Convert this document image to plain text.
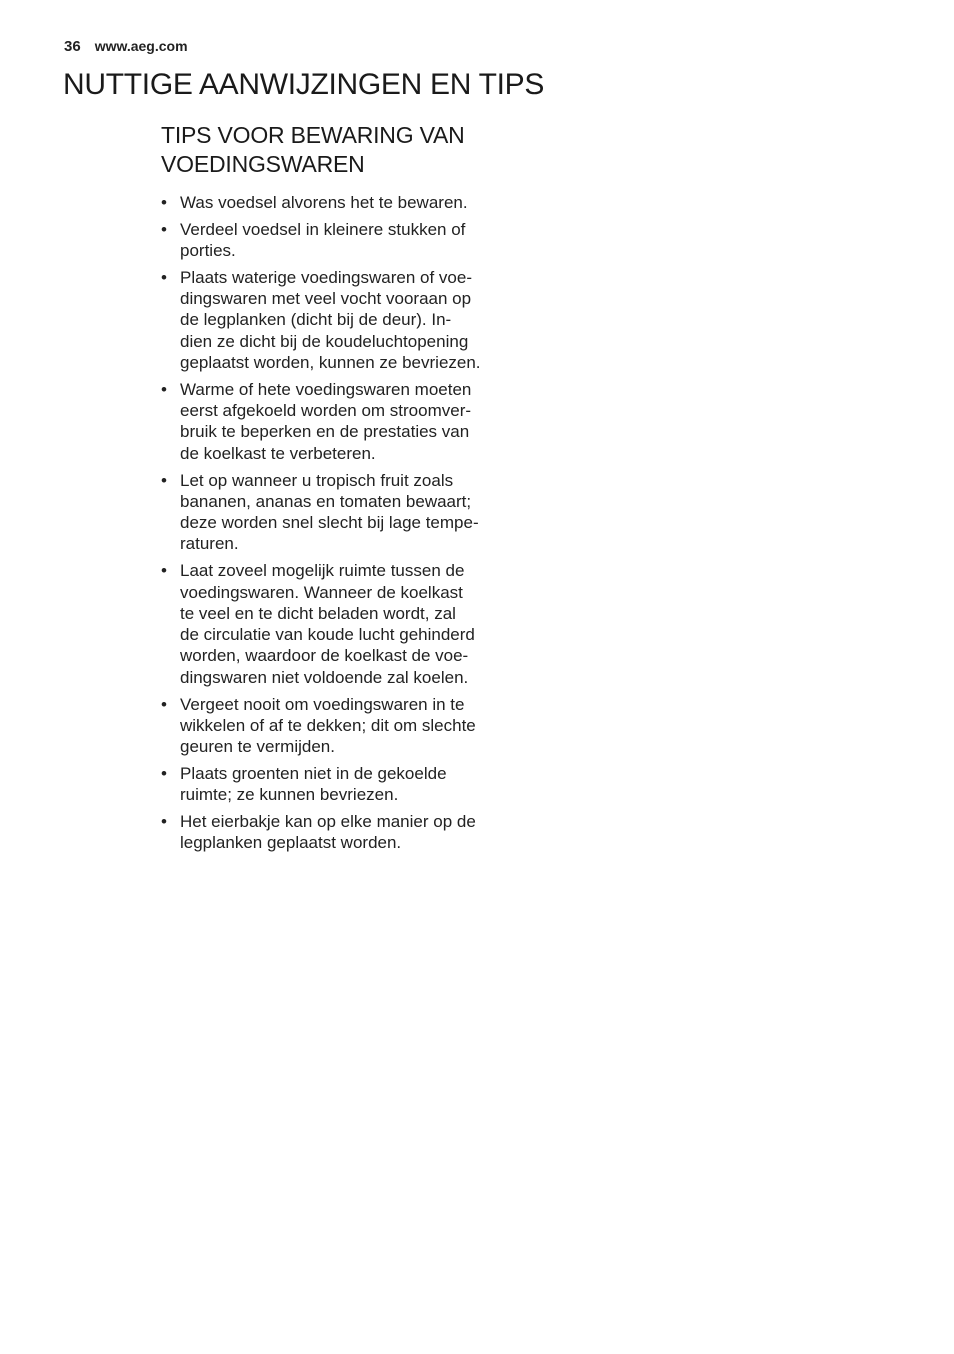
36 www.aeg.com
NUTTIGE AANWIJZINGEN EN TIPS
TIPS VOOR BEWARING VAN
VOEDINGSWAREN
• Was voedsel alvorens het te bewaren.
• Verdeel voedsel in kleinere stukken of
porties.
• Plaats waterige voedingswaren of voe-
dingswaren met veel vocht vooraan op
de legplanken (dicht bij de deur). In-
dien ze dicht bij de koudeluchtopening
geplaatst worden, kunnen ze bevriezen.
• Warme of hete voedingswaren moeten
eerst afgekoeld worden om stroomver-
bruik te beperken en de prestaties van
de koelkast te verbeteren.
• Let op wanneer u tropisch fruit zoals
bananen, ananas en tomaten bewaart;
deze worden snel slecht bij lage tempe-
raturen.
• Laat zoveel mogelijk ruimte tussen de
voedingswaren. Wanneer de koelkast
te veel en te dicht beladen wordt, zal
de circulatie van koude lucht gehinderd
worden, waardoor de koelkast de voe-
dingswaren niet voldoende zal koelen.
• Vergeet nooit om voedingswaren in te
wikkelen of af te dekken; dit om slechte
geuren te vermijden.
• Plaats groenten niet in de gekoelde
ruimte; ze kunnen bevriezen.
• Het eierbakje kan op elke manier op de
legplanken geplaatst worden.
